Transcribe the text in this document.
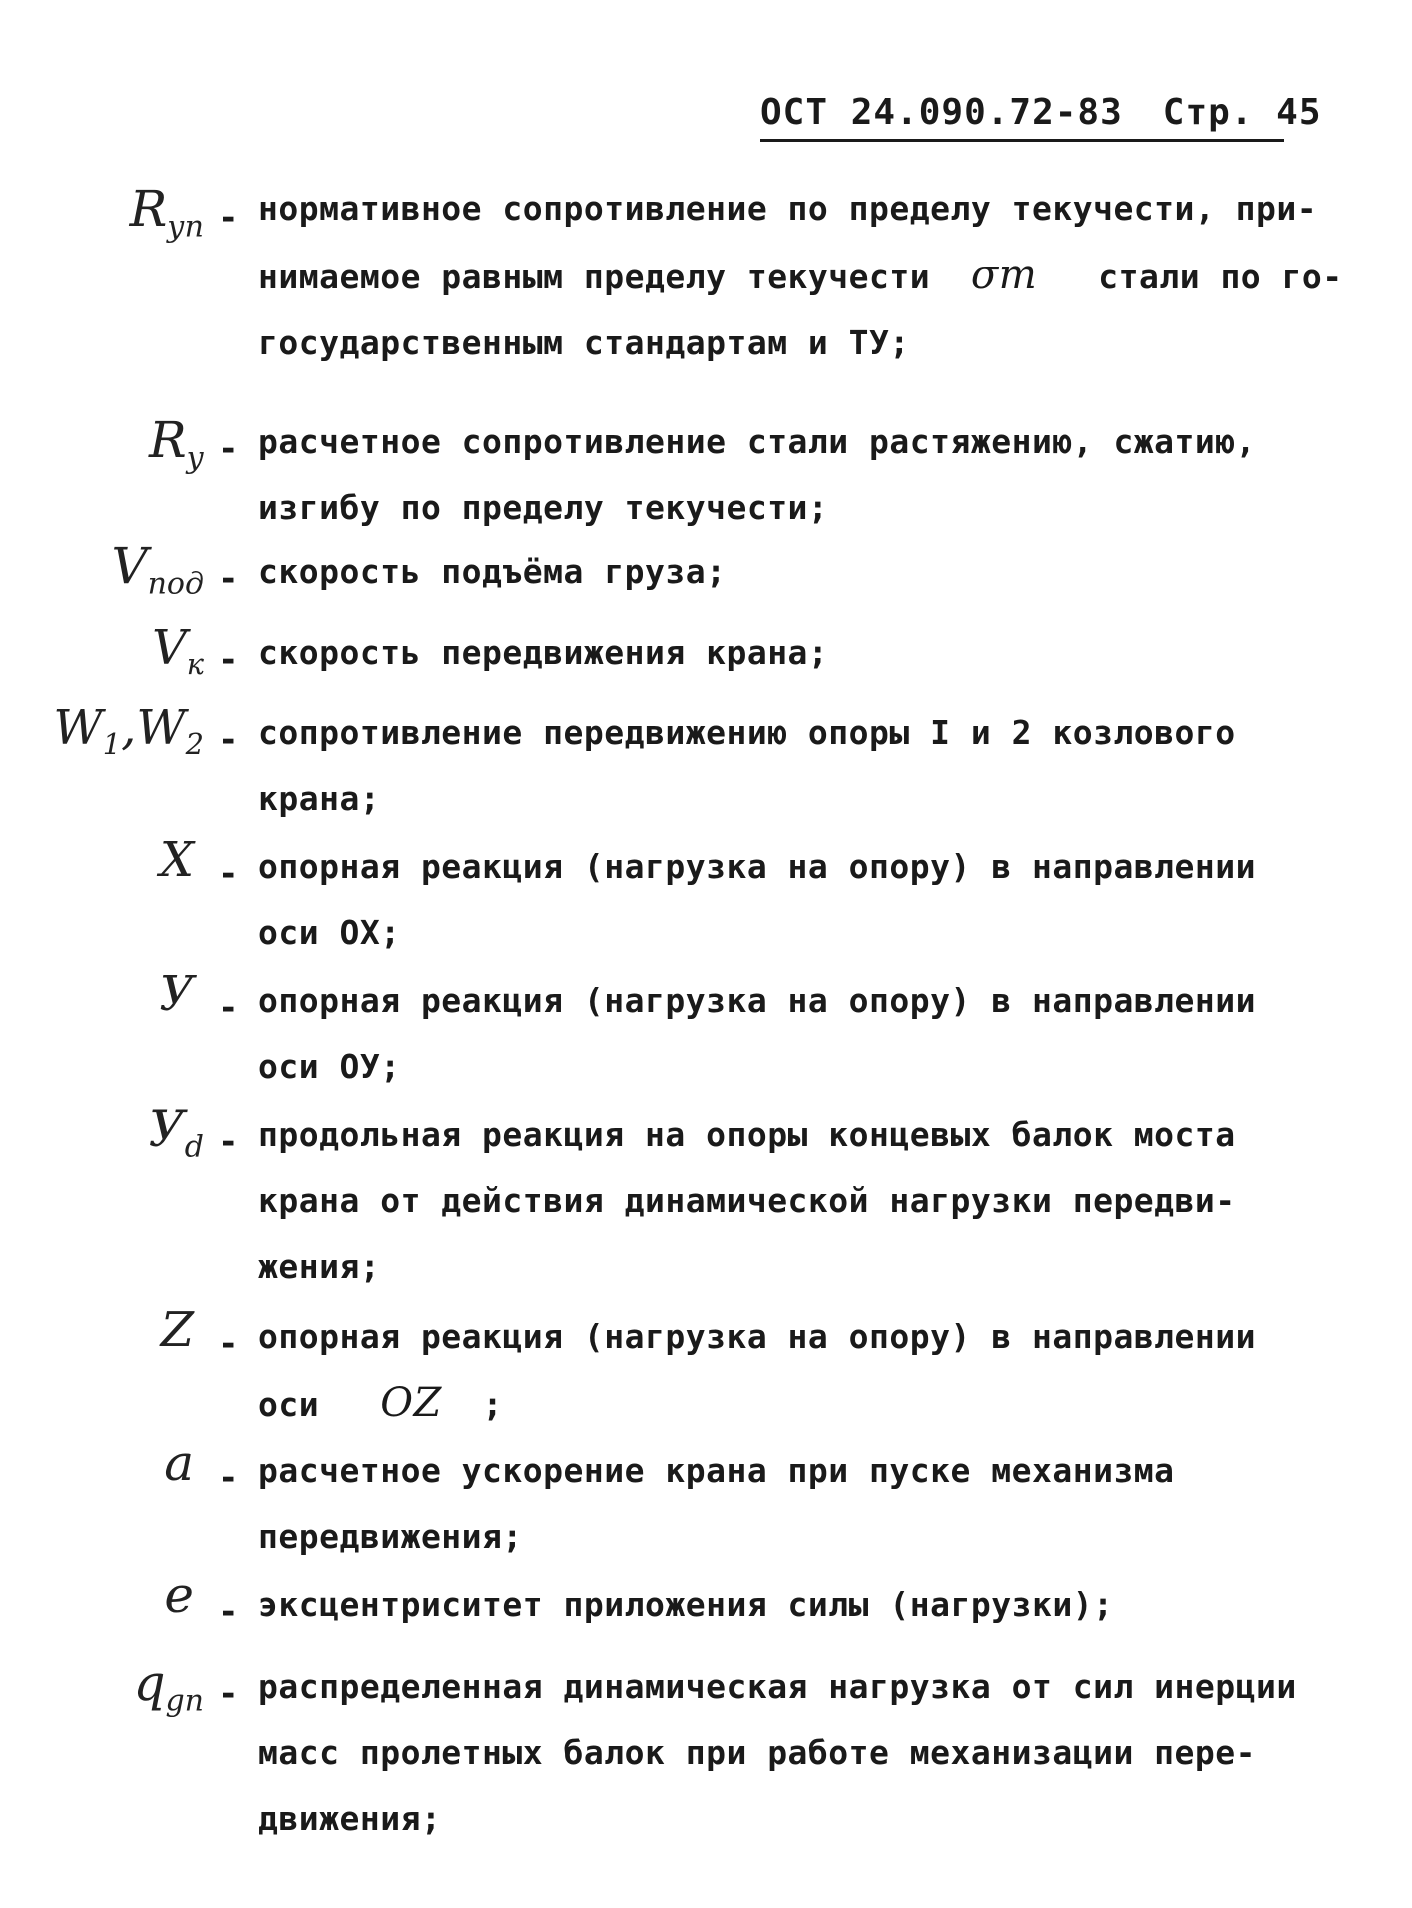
ОСТ 24.090.72-83 Стр. 45
$R_{уп}$ - нормативное сопротивление по пределу текучести, при-
нимаемое равным пределу текучести σт стали по го-
государственным стандартам и ТУ;
$R_у$ - расчетное сопротивление стали растяжению, сжатию,
изгибу по пределу текучести;
$V_{под}$ - скорость подъёма груза;
$V_к$ - скорость передвижения крана;
$W_1,W_2$ - сопротивление передвижению опоры I и 2 козлового
крана;
X - опорная реакция (нагрузка на опору) в направлении
оси ОХ;
У - опорная реакция (нагрузка на опору) в направлении
оси ОУ;
$У_d$ - продольная реакция на опоры концевых балок моста
крана от действия динамической нагрузки передви-
жения;
Z - опорная реакция (нагрузка на опору) в направлении
оси OZ ;
a - расчетное ускорение крана при пуске механизма
передвижения;
e - эксцентриситет приложения силы (нагрузки);
$q_{gп}$ - распределенная динамическая нагрузка от сил инерции
масс пролетных балок при работе механизации пере-
движения;
